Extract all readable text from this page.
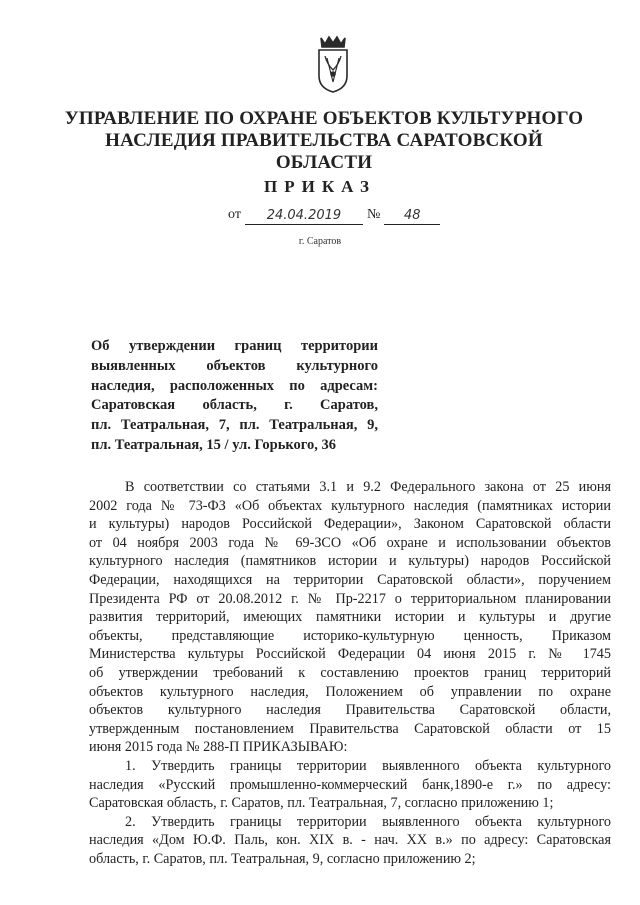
УПРАВЛЕНИЕ ПО ОХРАНЕ ОБЪЕКТОВ КУЛЬТУРНОГО
НАСЛЕДИЯ ПРАВИТЕЛЬСТВА САРАТОВСКОЙ ОБЛАСТИ
ПРИКАЗ
от	24.04.2019	№	48
г. Саратов
Об утверждении границ территории
выявленных объектов культурного
наследия, расположенных по адресам:
Саратовская область, г. Саратов,
пл. Театральная, 7, пл. Театральная, 9,
пл. Театральная, 15 / ул. Горького, 36
В соответствии со статьями 3.1 и 9.2 Федерального закона от 25 июня
2002 года № 73-ФЗ «Об объектах культурного наследия (памятниках истории
и культуры) народов Российской Федерации», Законом Саратовской области
от 04 ноября 2003 года № 69-ЗСО «Об охране и использовании объектов
культурного наследия (памятников истории и культуры) народов Российской
Федерации, находящихся на территории Саратовской области», поручением
Президента РФ от 20.08.2012 г. № Пр-2217 о территориальном планировании
развития территорий, имеющих памятники истории и культуры и другие
объекты, представляющие историко-культурную ценность, Приказом
Министерства культуры Российской Федерации 04 июня 2015 г. № 1745
об утверждении требований к составлению проектов границ территорий
объектов культурного наследия, Положением об управлении по охране
объектов культурного наследия Правительства Саратовской области,
утвержденным постановлением Правительства Саратовской области от 15
июня 2015 года № 288-П ПРИКАЗЫВАЮ:
1. Утвердить границы территории выявленного объекта культурного
наследия «Русский промышленно-коммерческий банк,1890-е г.» по адресу:
Саратовская область, г. Саратов, пл. Театральная, 7, согласно приложению 1;
2. Утвердить границы территории выявленного объекта культурного
наследия «Дом Ю.Ф. Паль, кон. XIX в. - нач. XX в.» по адресу: Саратовская
область, г. Саратов, пл. Театральная, 9, согласно приложению 2;
